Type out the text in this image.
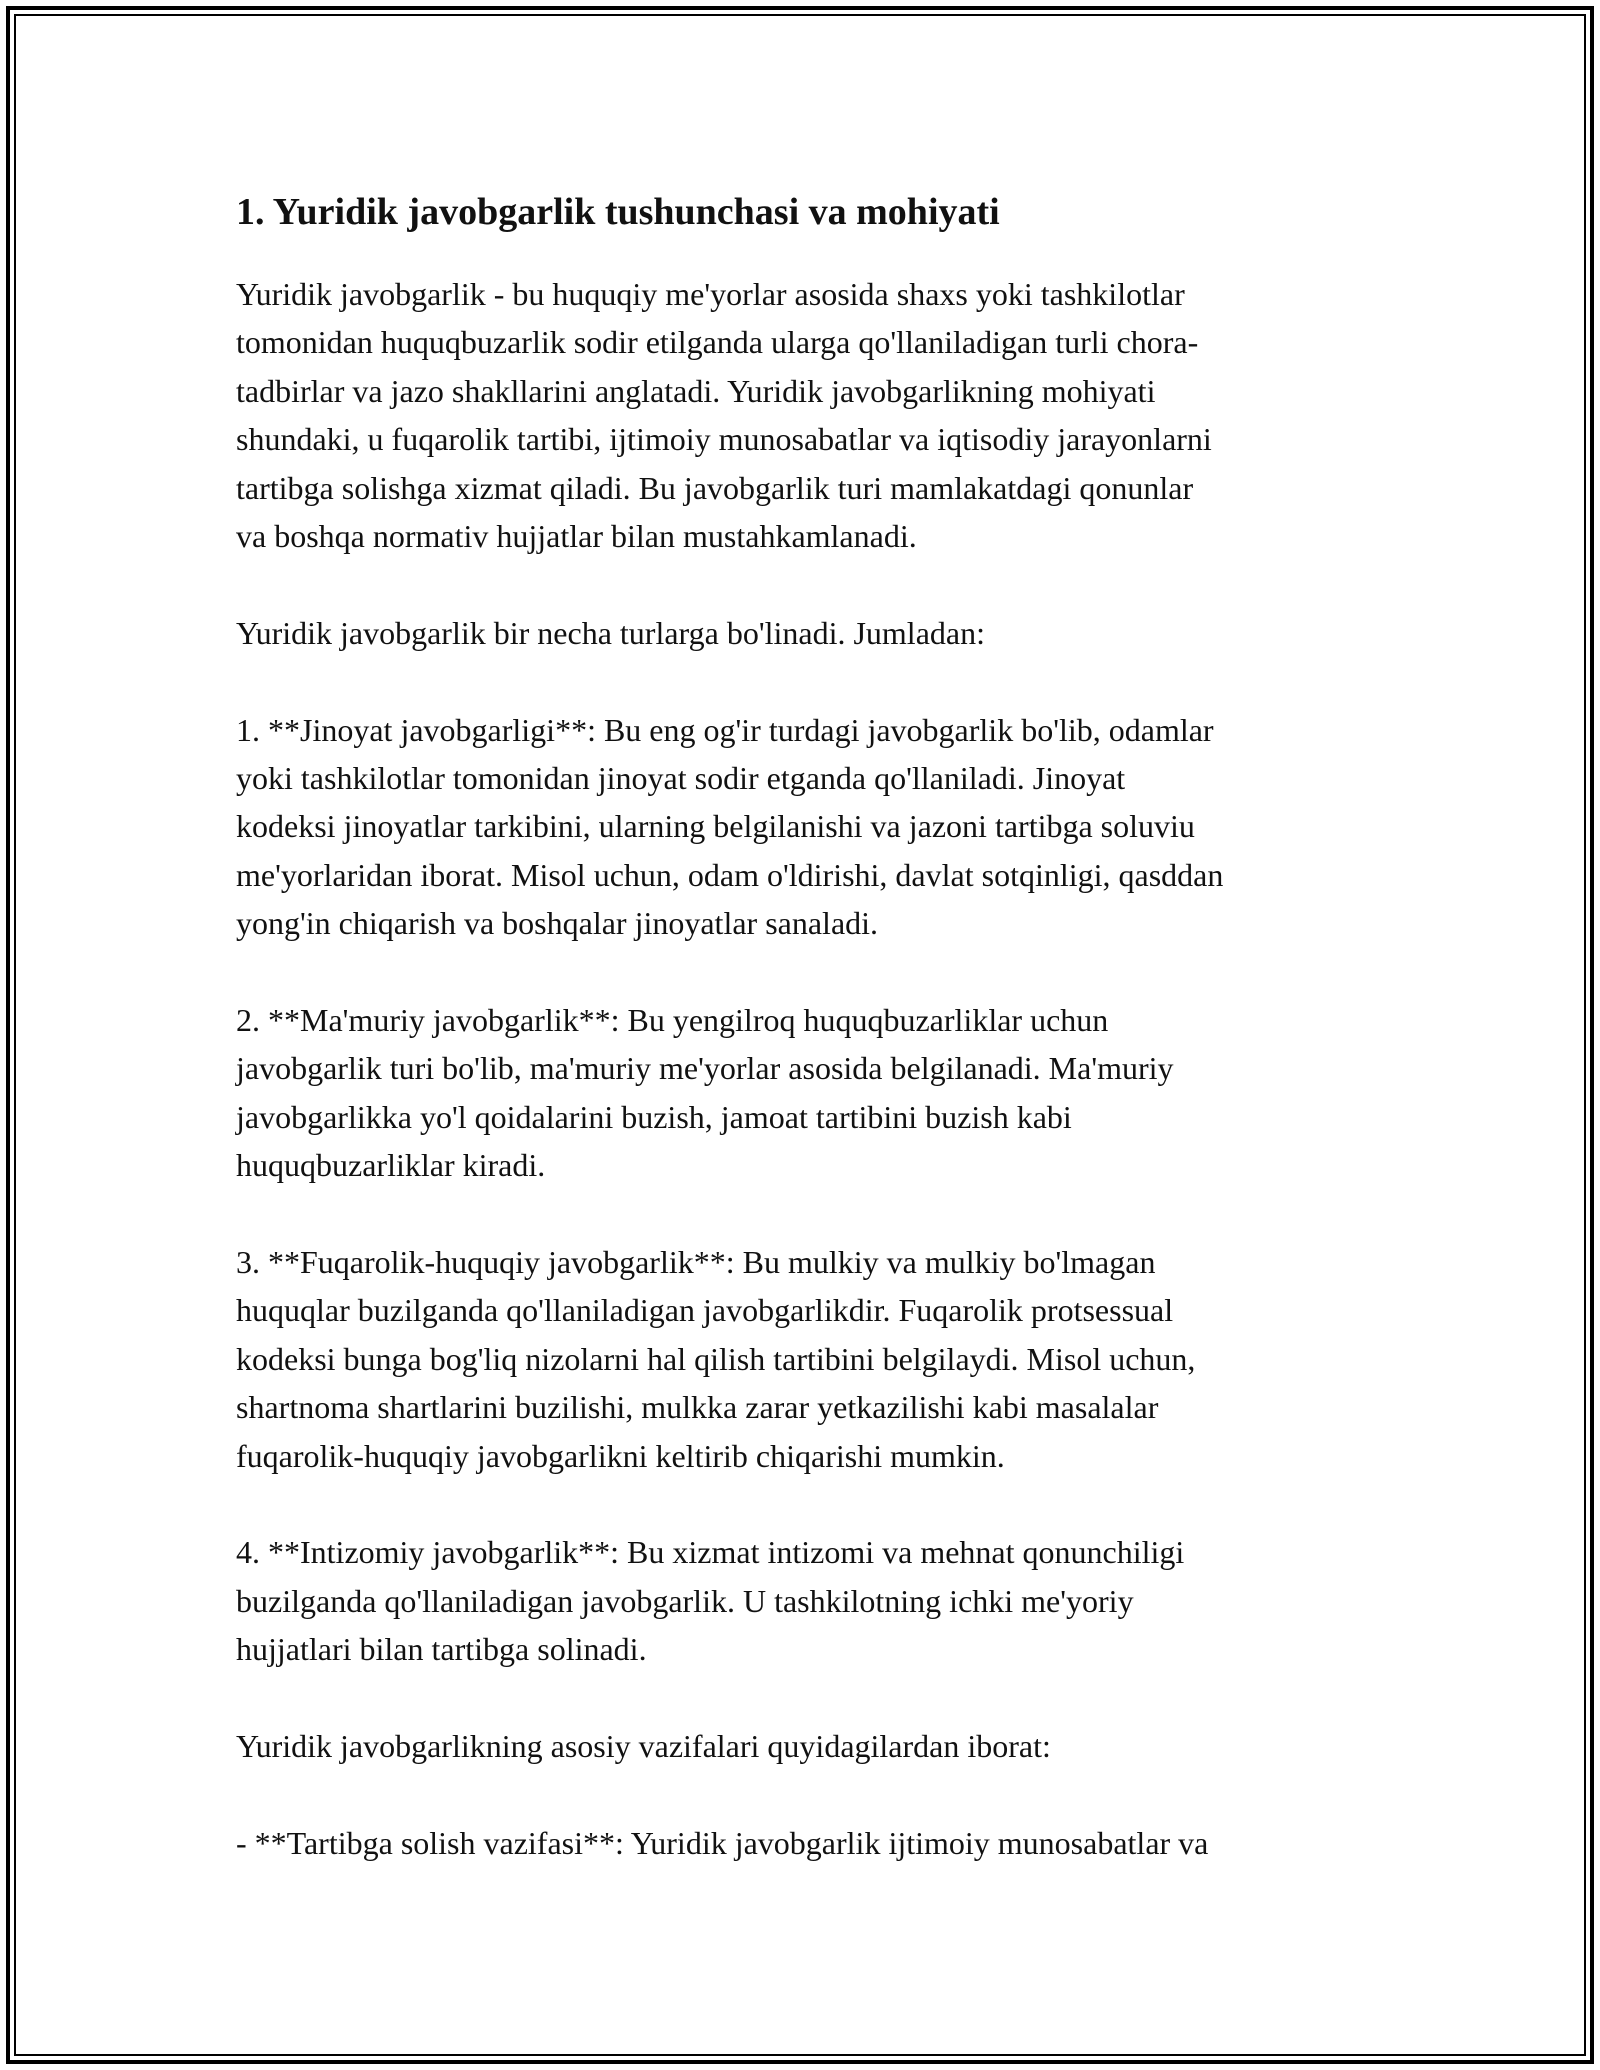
1. Yuridik javobgarlik tushunchasi va mohiyati

Yuridik javobgarlik - bu huquqiy me'yorlar asosida shaxs yoki tashkilotlar

tomonidan huquqbuzarlik sodir etilganda ularga qo'llaniladigan turli chora-

tadbirlar va jazo shakllarini anglatadi. Yuridik javobgarlikning mohiyati

shundaki, u fuqarolik tartibi, ijtimoiy munosabatlar va iqtisodiy jarayonlarni

tartibga solishga xizmat qiladi. Bu javobgarlik turi mamlakatdagi qonunlar

va boshqa normativ hujjatlar bilan mustahkamlanadi.

Yuridik javobgarlik bir necha turlarga bo'linadi. Jumladan:

1. **Jinoyat javobgarligi**: Bu eng og'ir turdagi javobgarlik bo'lib, odamlar

yoki tashkilotlar tomonidan jinoyat sodir etganda qo'llaniladi. Jinoyat

kodeksi jinoyatlar tarkibini, ularning belgilanishi va jazoni tartibga soluviu

me'yorlaridan iborat. Misol uchun, odam o'ldirishi, davlat sotqinligi, qasddan

yong'in chiqarish va boshqalar jinoyatlar sanaladi.

2. **Ma'muriy javobgarlik**: Bu yengilroq huquqbuzarliklar uchun

javobgarlik turi bo'lib, ma'muriy me'yorlar asosida belgilanadi. Ma'muriy

javobgarlikka yo'l qoidalarini buzish, jamoat tartibini buzish kabi

huquqbuzarliklar kiradi.

3. **Fuqarolik-huquqiy javobgarlik**: Bu mulkiy va mulkiy bo'lmagan

huquqlar buzilganda qo'llaniladigan javobgarlikdir. Fuqarolik protsessual

kodeksi bunga bog'liq nizolarni hal qilish tartibini belgilaydi. Misol uchun,

shartnoma shartlarini buzilishi, mulkka zarar yetkazilishi kabi masalalar

fuqarolik-huquqiy javobgarlikni keltirib chiqarishi mumkin.

4. **Intizomiy javobgarlik**: Bu xizmat intizomi va mehnat qonunchiligi

buzilganda qo'llaniladigan javobgarlik. U tashkilotning ichki me'yoriy

hujjatlari bilan tartibga solinadi.

Yuridik javobgarlikning asosiy vazifalari quyidagilardan iborat:

- **Tartibga solish vazifasi**: Yuridik javobgarlik ijtimoiy munosabatlar va
